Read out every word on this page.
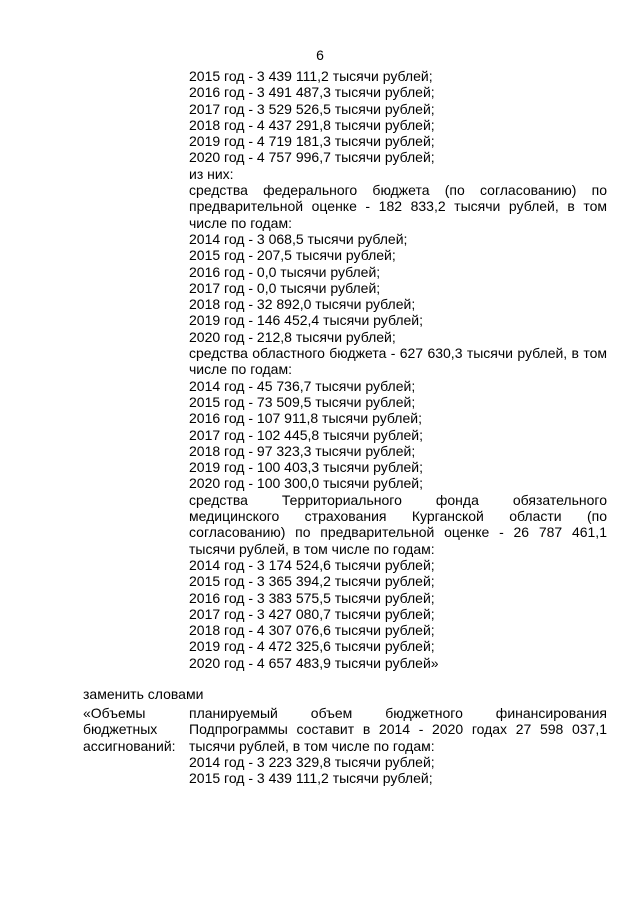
6
2015 год - 3 439 111,2 тысячи рублей;
2016 год - 3 491 487,3 тысячи рублей;
2017 год - 3 529 526,5 тысячи рублей;
2018 год - 4 437 291,8 тысячи рублей;
2019 год - 4 719 181,3 тысячи рублей;
2020 год - 4 757 996,7 тысячи рублей;
из них:
средства федерального бюджета (по согласованию) по предварительной оценке - 182 833,2 тысячи рублей, в том числе по годам:
2014 год - 3 068,5 тысячи рублей;
2015 год - 207,5 тысячи рублей;
2016 год - 0,0 тысячи рублей;
2017 год - 0,0 тысячи рублей;
2018 год - 32 892,0 тысячи рублей;
2019 год - 146 452,4 тысячи рублей;
2020 год - 212,8 тысячи рублей;
средства областного бюджета - 627 630,3 тысячи рублей, в том числе по годам:
2014 год - 45 736,7 тысячи рублей;
2015 год - 73 509,5 тысячи рублей;
2016 год - 107 911,8 тысячи рублей;
2017 год - 102 445,8 тысячи рублей;
2018 год - 97 323,3 тысячи рублей;
2019 год - 100 403,3 тысячи рублей;
2020 год - 100 300,0 тысячи рублей;
средства Территориального фонда обязательного медицинского страхования Курганской области (по согласованию) по предварительной оценке - 26 787 461,1 тысячи рублей, в том числе по годам:
2014 год - 3 174 524,6 тысячи рублей;
2015 год - 3 365 394,2 тысячи рублей;
2016 год - 3 383 575,5 тысячи рублей;
2017 год - 3 427 080,7 тысячи рублей;
2018 год - 4 307 076,6 тысячи рублей;
2019 год - 4 472 325,6 тысячи рублей;
2020 год - 4 657 483,9 тысячи рублей»
заменить словами
«Объемы
бюджетных
ассигнований:
планируемый объем бюджетного финансирования Подпрограммы составит в 2014 - 2020 годах 27 598 037,1 тысячи рублей, в том числе по годам:
2014 год - 3 223 329,8 тысячи рублей;
2015 год - 3 439 111,2 тысячи рублей;
